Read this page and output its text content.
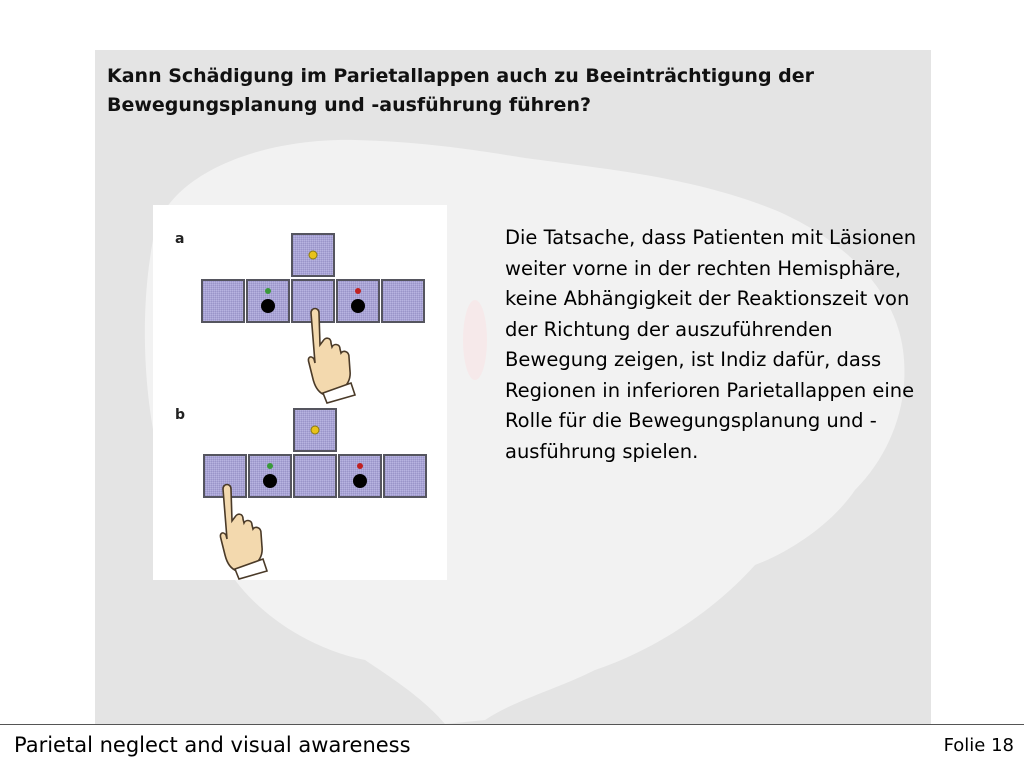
Kann Schädigung im Parietallappen auch zu Beeinträchtigung der Bewegungsplanung und -ausführung führen?

a
b

Die Tatsache, dass Patienten mit Läsionen weiter vorne in der rechten Hemisphäre, keine Abhängigkeit der Reaktionszeit von der Richtung der auszuführenden Bewegung zeigen, ist Indiz dafür, dass Regionen in inferioren Parietallappen eine Rolle für die Bewegungsplanung und -ausführung spielen.

Parietal neglect and visual awareness	Folie 18
